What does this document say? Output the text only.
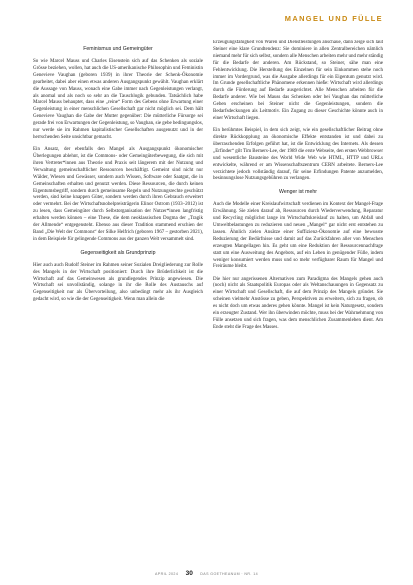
MANGEL UND FÜLLE
Feminismus und Gemeingüter

So wie Marcel Mauss und Charles Eisenstein sich auf das Schenken als soziale Grösse beziehen, wollen, hat auch die US-amerikanische Philosophin und Feministin Genevieve Vaughan (geboren 1939) in ihrer Theorie der Schenk-Ökonomie gearbeitet, dabei aber einen etwas anderen Ausgangspunkt gewählt. Vaughan erklärt die Aussage von Mauss, wonach eine Gabe immer nach Gegenleistungen verlangt, als anomal und als noch so sehr an die Tauschlogik gebunden. Tatsächlich habe Marcel Mauss behauptet, dass eine „reine“ Form des Gebens ohne Erwartung einer Gegenleistung in einer menschlichen Gesellschaft gar nicht möglich sei. Dem hält Genevieve Vaughan die Gabe der Mutter gegenüber: Die mütterliche Fürsorge sei gerade frei von Erwartungen der Gegenleistung, so Vaughan, sie gebe bedingungslos, nur werde sie im Rahmen kapitalistischer Gesellschaften ausgenutzt und in der herrschenden Seite unsichtbar gemacht.

Ein Ansatz, der ebenfalls den Mangel als Ausgangspunkt ökonomischer Überlegungen ablehnt, ist die Commons- oder Gemeingüterbewegung, die sich mit ihren Vertreter*innen aus Theorie und Praxis seit längerem mit der Nutzung und Verwaltung gemeinschaftlicher Ressourcen beschäftigt. Gemeint sind nicht nur Wälder, Wiesen und Gewässer, sondern auch Wissen, Software oder Saatgut, die in Gemeinschaften erhalten und genutzt werden. Diese Ressourcen, die durch keinen Eigentumsbegriff, sondern durch gemeinsame Regeln und Nutzungsrechte geschützt werden, sind keine knappen Güter, sondern werden durch ihren Gebrauch erweitert oder vermehrt. Bei der Wirtschaftsnobelpreisträgerin Elinor Ostrom (1933–2012) ist zu lesen, dass Gemeingüter durch Selbstorganisation der Nutzer*innen langfristig erhalten werden können – eine These, die dem neoklassischen Dogma der „Tragik der Allmende“ entgegensteht. Ebenso aus dieser Tradition stammend erschien der Band „Die Welt der Commons“ der Silke Helfrich (geboren 1967 – gestorben 2021), in dem Beispiele für gelingende Commons aus der ganzen Welt versammelt sind.

Gegenseitigkeit als Grundprinzip

Hier auch auch Rudolf Steiner im Rahmen seiner Sozialen Dreigliederung zur Rolle des Mangels in der Wirtschaft positioniert: Durch ihre Brüderlichkeit ist die Wirtschaft auf das Gemeinwesen als grundlegendes Prinzip angewiesen. Die Wirtschaft sei unvollständig, solange in ihr die Rolle des Austauschs auf Gegenseitigkeit nur als Übervorteilung, also unbedingt mehr als ihr Ausgleich gedacht wird, so wie die der Gegenseitigkeit. Wenn man allein die

Erzeugungsfähigkeit von Waren und Dienstleistungen anschaue, dann zeige sich laut Steiner eine klare Grundtendenz: Sie dominiere in allen Zentralbereichen nämlich niemand mehr für sich selbst, sondern alle Menschen arbeiten mehr und mehr ständig für die Bedarfe der anderen. Am Rückstand, so Steiner, sähe man eine Fehlentwicklung. Die Herstellung des Einzelnen für sein Einkommen stehe noch immer im Vordergrund, was die Ausgabe allerdings für ein Eigentum genutzt wird. Im Grunde gesellschaftliche Phänomene erkennen hieße: Wirtschaft wird allerdings durch die Förderung auf Bedarfe ausgerichtet. Alle Menschen arbeiten für die Bedarfe anderer. Wie bei Mauss das Schenken oder bei Vaughan das mütterliche Geben erscheinen bei Steiner nicht die Gegenleistungen, sondern die Bedarfsdeckungen als Leitmotiv. Ein Zugang zu dieser Geschichte könnte auch in einer Wirtschaft liegen.

Ein berühmtes Beispiel, in dem sich zeigt, wie ein gesellschaftlicher Beitrag ohne direkte Rückkopplung an ökonomische Effekte entstanden ist und dabei zu überraschenden Erfolgen geführt hat, ist die Entwicklung des Internets. Als dessen „Erfinder“ gilt Tim Berners-Lee, der 1989 die erste Webseite, den ersten Webbrowser und wesentliche Bausteine des World Wide Web wie HTML, HTTP und URLs entwickelte, während er am Wissenschaftszentrum CERN arbeitete. Berners-Lee verzichtete jedoch vollständig darauf, für seine Erfindungen Patente anzumelden, besinnungslose Nutzungsgebühren zu verlangen.

Wenger ist mehr

Auch die Modelle einer Kreislaufwirtschaft verdienen im Kontext der Mangel-Frage Erwähnung. Sie zielen darauf ab, Ressourcen durch Wiederverwendung, Reparatur und Recycling möglichst lange im Wirtschaftskreislauf zu halten, um Abfall und Umweltbelastungen zu reduzieren und neuen „Mangel“ gar nicht erst entstehen zu lassen. Ähnlich zielen Ansätze einer Suffizienz-Ökonomie auf eine bewusste Reduzierung der Bedürfnisse und damit auf das Zurückfahren aller von Menschen erzeugten Mangellagen hin. Es geht um eine Reduktion der Ressourcennachfrage statt um eine Ausweitung des Angebots, auf ein Leben in genügender Fülle, indem weniger konsumiert werden muss und so mehr verfügbarer Raum für Mangel und Freiräume bleibt.

Die hier nur angerissenen Alternativen zum Paradigma des Mangels gehen auch (noch) nicht als Staatspolitik Europas oder als Weltanschauungen in Gegensatz zu einer Wirtschaft und Gesellschaft, die auf dem Prinzip des Mangels gründet. Sie scheinen vielmehr Anstösse zu geben, Perspektiven zu erweitern, sich zu fragen, ob es nicht doch um etwas anderes gehen könnte. Mangel ist kein Naturgesetz, sondern ein erzeugter Zustand. Wer ihn überwinden möchte, muss bei der Wahrnehmung von Fülle ansetzen und sich fragen, was dem menschlichen Zusammenleben dient. Am Ende steht die Frage des Masses.

APRIL 2024 30 DAS GOETHEANUM · NR. 14
